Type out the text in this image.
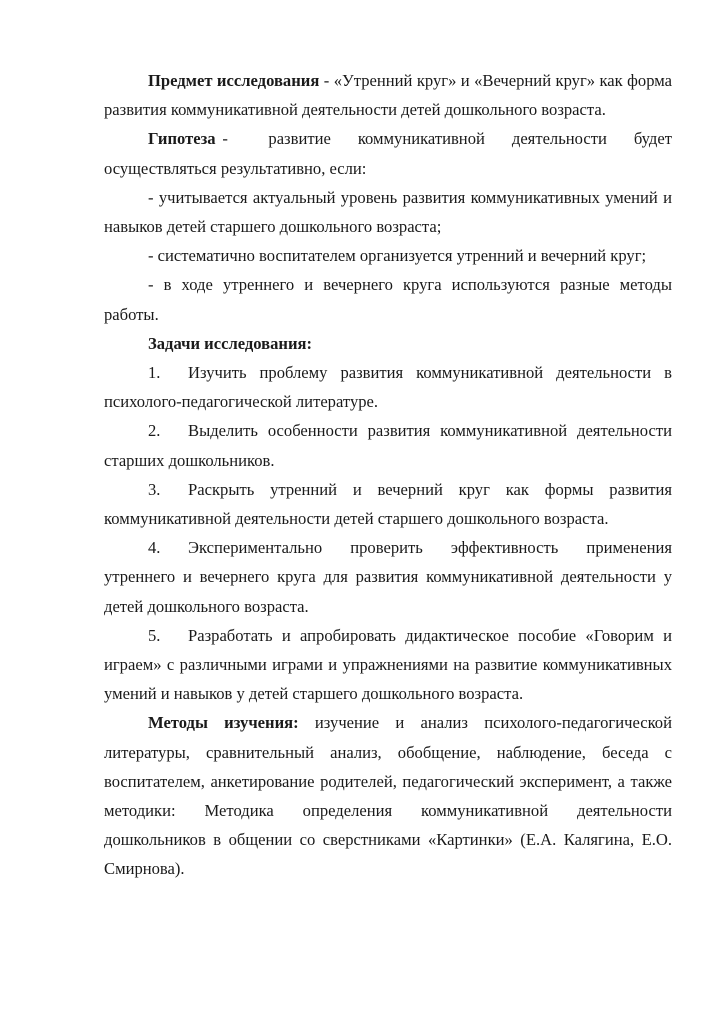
Предмет исследования - «Утренний круг» и «Вечерний круг» как форма развития коммуникативной деятельности детей дошкольного возраста.

Гипотеза -      развитие    коммуникативной    деятельности    будет осуществляться результативно, если:

- учитывается актуальный уровень развития коммуникативных умений и навыков детей старшего дошкольного возраста;

- систематично воспитателем организуется утренний и вечерний круг;

- в ходе утреннего и вечернего круга используются разные методы работы.

Задачи исследования:

1. Изучить проблему развития коммуникативной деятельности в психолого-педагогической литературе.

2. Выделить особенности развития коммуникативной деятельности старших дошкольников.

3. Раскрыть утренний и вечерний круг как формы развития коммуникативной деятельности детей старшего дошкольного возраста.

4. Экспериментально проверить эффективность применения утреннего и вечернего круга для развития коммуникативной деятельности у детей дошкольного возраста.

5. Разработать и апробировать дидактическое пособие «Говорим и играем» с различными играми и упражнениями на развитие коммуникативных умений и навыков у детей старшего дошкольного возраста.

Методы изучения: изучение и анализ психолого-педагогической литературы, сравнительный анализ, обобщение, наблюдение, беседа с воспитателем, анкетирование родителей, педагогический эксперимент, а также методики: Методика определения коммуникативной деятельности дошкольников в общении со сверстниками «Картинки» (Е.А. Калягина, Е.О. Смирнова).
